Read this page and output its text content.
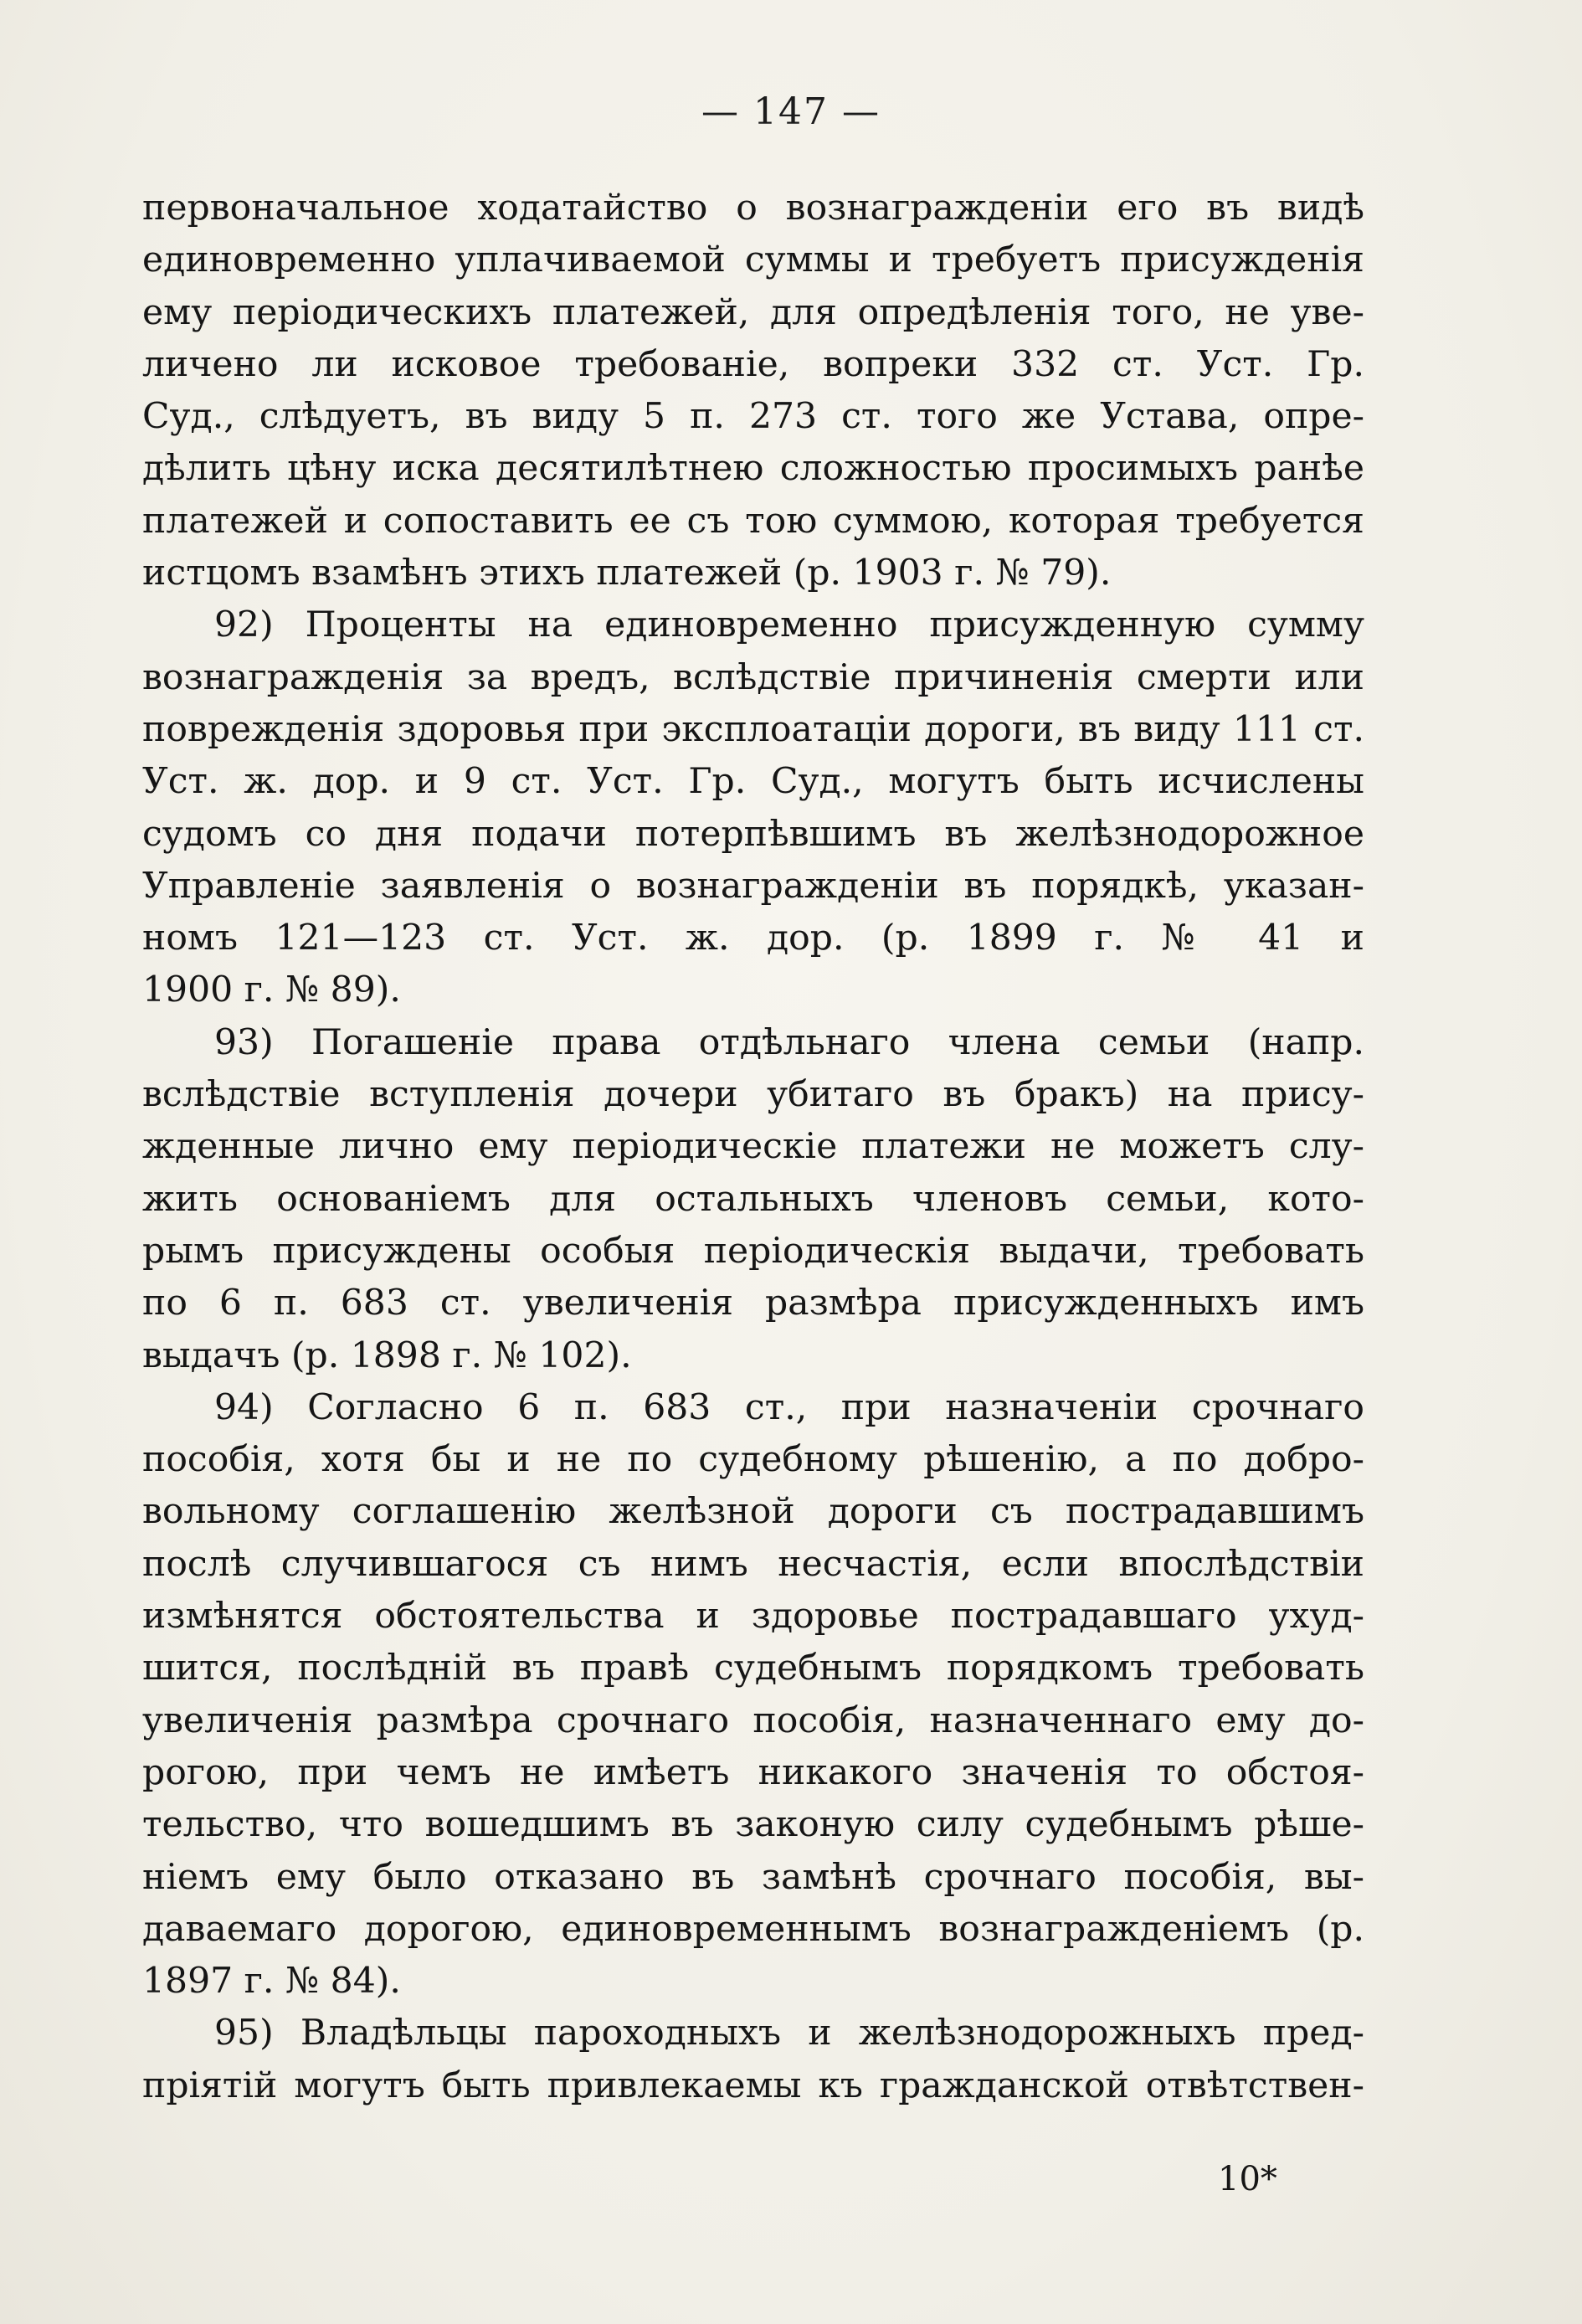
— 147 —
первоначальное ходатайство о вознагражденіи его въ видѣ
единовременно уплачиваемой суммы и требуетъ присужденія
ему періодическихъ платежей, для опредѣленія того, не уве-
личено ли исковое требованіе, вопреки 332 ст. Уст. Гр.
Суд., слѣдуетъ, въ виду 5 п. 273 ст. того же Устава, опре-
дѣлить цѣну иска десятилѣтнею сложностью просимыхъ ранѣе
платежей и сопоставить ее съ тою суммою, которая требуется
истцомъ взамѣнъ этихъ платежей (р. 1903 г. № 79).
92) Проценты на единовременно присужденную сумму
вознагражденія за вредъ, вслѣдствіе причиненія смерти или
поврежденія здоровья при эксплоатаціи дороги, въ виду 111 ст.
Уст. ж. дор. и 9 ст. Уст. Гр. Суд., могутъ быть исчислены
судомъ со дня подачи потерпѣвшимъ въ желѣзнодорожное
Управленіе заявленія о вознагражденіи въ порядкѣ, указан-
номъ 121—123 ст. Уст. ж. дор. (р. 1899 г. № 41 и
1900 г. № 89).
93) Погашеніе права отдѣльнаго члена семьи (напр.
вслѣдствіе вступленія дочери убитаго въ бракъ) на прису-
жденные лично ему періодическіе платежи не можетъ слу-
жить основаніемъ для остальныхъ членовъ семьи, кото-
рымъ присуждены особыя періодическія выдачи, требовать
по 6 п. 683 ст. увеличенія размѣра присужденныхъ имъ
выдачъ (р. 1898 г. № 102).
94) Согласно 6 п. 683 ст., при назначеніи срочнаго
пособія, хотя бы и не по судебному рѣшенію, а по добро-
вольному соглашенію желѣзной дороги съ пострадавшимъ
послѣ случившагося съ нимъ несчастія, если впослѣдствіи
измѣнятся обстоятельства и здоровье пострадавшаго ухуд-
шится, послѣдній въ правѣ судебнымъ порядкомъ требовать
увеличенія размѣра срочнаго пособія, назначеннаго ему до-
рогою, при чемъ не имѣетъ никакого значенія то обстоя-
тельство, что вошедшимъ въ законую силу судебнымъ рѣше-
ніемъ ему было отказано въ замѣнѣ срочнаго пособія, вы-
даваемаго дорогою, единовременнымъ вознагражденіемъ (р.
1897 г. № 84).
95) Владѣльцы пароходныхъ и желѣзнодорожныхъ пред-
пріятій могутъ быть привлекаемы къ гражданской отвѣтствен-
10*
